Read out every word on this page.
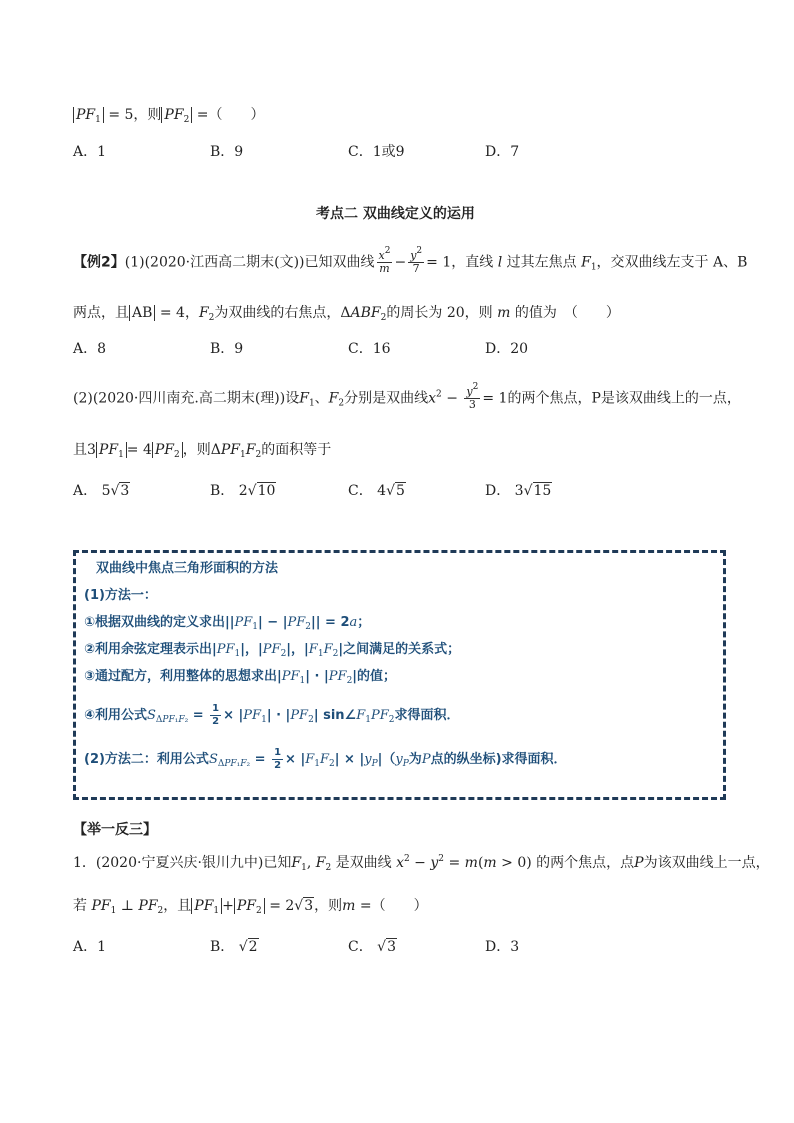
$PF_1 = 5$，则 $PF_2$ =（　　）
A．1	B．9	C．1或9	D．7
考点二 双曲线定义的运用
【例2】(1)(2020·江西高二期末(文))已知双曲线 $\frac{x^2}{m} - \frac{y^2}{7} = 1$，直线 l 过其左焦点 $F_1$，交双曲线左支于 A、B
两点，且 AB = 4，$F_2$为双曲线的右焦点，$\Delta ABF_2$的周长为 20，则 m 的值为　（　　）
A．8	B．9	C．16	D．20
(2)(2020·四川南充.高二期末(理))设$F_1$、$F_2$分别是双曲线$x^2 - \frac{y^2}{3} = 1$的两个焦点，P是该双曲线上的一点，
且3 $PF_1 = 4$ $PF_2$ ，则$\Delta PF_1F_2$的面积等于
A． 5√3	B． 2√10	C． 4√5	D． 3√15
双曲线中焦点三角形面积的方法
(1)方法一：
①根据双曲线的定义求出$||PF_1| - |PF_2|| = 2a$；
②利用余弦定理表示出$|PF_1|$，$|PF_2|$，$|F_1F_2|$之间满足的关系式；
③通过配方，利用整体的思想求出$|PF_1| \cdot |PF_2|$的值；
④利用公式$S_{\Delta PF_1F_2} = \frac{1}{2} \times |PF_1| \cdot |PF_2|$ $\sin\angle F_1PF_2$求得面积．
(2)方法二：利用公式$S_{\Delta PF_1F_2} = \frac{1}{2} \times |F_1F_2| \times |y_P|(y_P$为P点的纵坐标)求得面积．
【举一反三】
1．(2020·宁夏兴庆·银川九中)已知$F_1$, $F_2$ 是双曲线 $x^2 - y^2 = m(m > 0)$ 的两个焦点，点P为该双曲线上一点，
若 $PF_1$ ⊥ $PF_2$，且 $PF_1 + PF_2 = 2√3$，则m =（　　）
A．1	B． √2	C． √3	D．3
